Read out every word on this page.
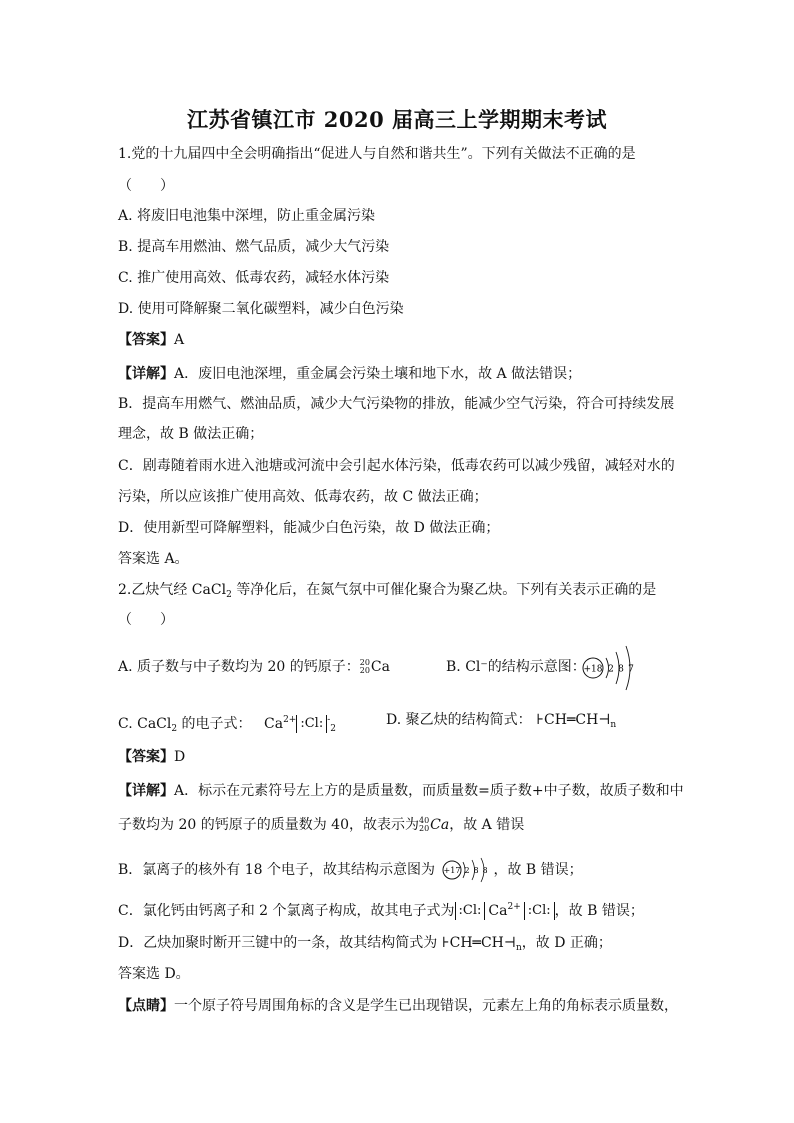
江苏省镇江市 2020 届高三上学期期末考试
1.党的十九届四中全会明确指出“促进人与自然和谐共生”。下列有关做法不正确的是
（　　）
A. 将废旧电池集中深埋，防止重金属污染
B. 提高车用燃油、燃气品质，减少大气污染
C. 推广使用高效、低毒农药，减轻水体污染
D. 使用可降解聚二氧化碳塑料，减少白色污染
【答案】A
【详解】A．废旧电池深埋，重金属会污染土壤和地下水，故 A 做法错误；
B．提高车用燃气、燃油品质，减少大气污染物的排放，能减少空气污染，符合可持续发展
理念，故 B 做法正确；
C．剧毒随着雨水进入池塘或河流中会引起水体污染，低毒农药可以减少残留，减轻对水的
污染，所以应该推广使用高效、低毒农药，故 C 做法正确；
D．使用新型可降解塑料，能减少白色污染，故 D 做法正确；
答案选 A。
2.乙炔气经 CaCl$_2$ 等净化后，在氮气氛中可催化聚合为聚乙炔。下列有关表示正确的是
（　　）
A. 质子数与中子数均为 20 的钙原子： 20
20 Ca	B. Cl⁻的结构示意图：
+18 2 8 7
C. CaCl$_2$ 的电子式： $Ca^{2+}$ :Cl: -$_2$
D. 聚乙炔的结构简式： $⊦CH═CH⊣_n$
【答案】D
【详解】A．标示在元素符号左上方的是质量数，而质量数=质子数+中子数，故质子数和中
子数均为 20 的钙原子的质量数为 40，故表示为 40
20 Ca，故 A 错误
B．氯离子的核外有 18 个电子，故其结构示意图为 +17 2 8 8 ，故 B 错误；
C．氯化钙由钙离子和 2 个氯离子构成，故其电子式为 :Cl: $Ca^{2+}$ :Cl: ，故 B 错误；
D．乙炔加聚时断开三键中的一条，故其结构简式为 $⊦CH═CH⊣_n$，故 D 正确；
答案选 D。
【点睛】一个原子符号周围角标的含义是学生已出现错误，元素左上角的角标表示质量数，
